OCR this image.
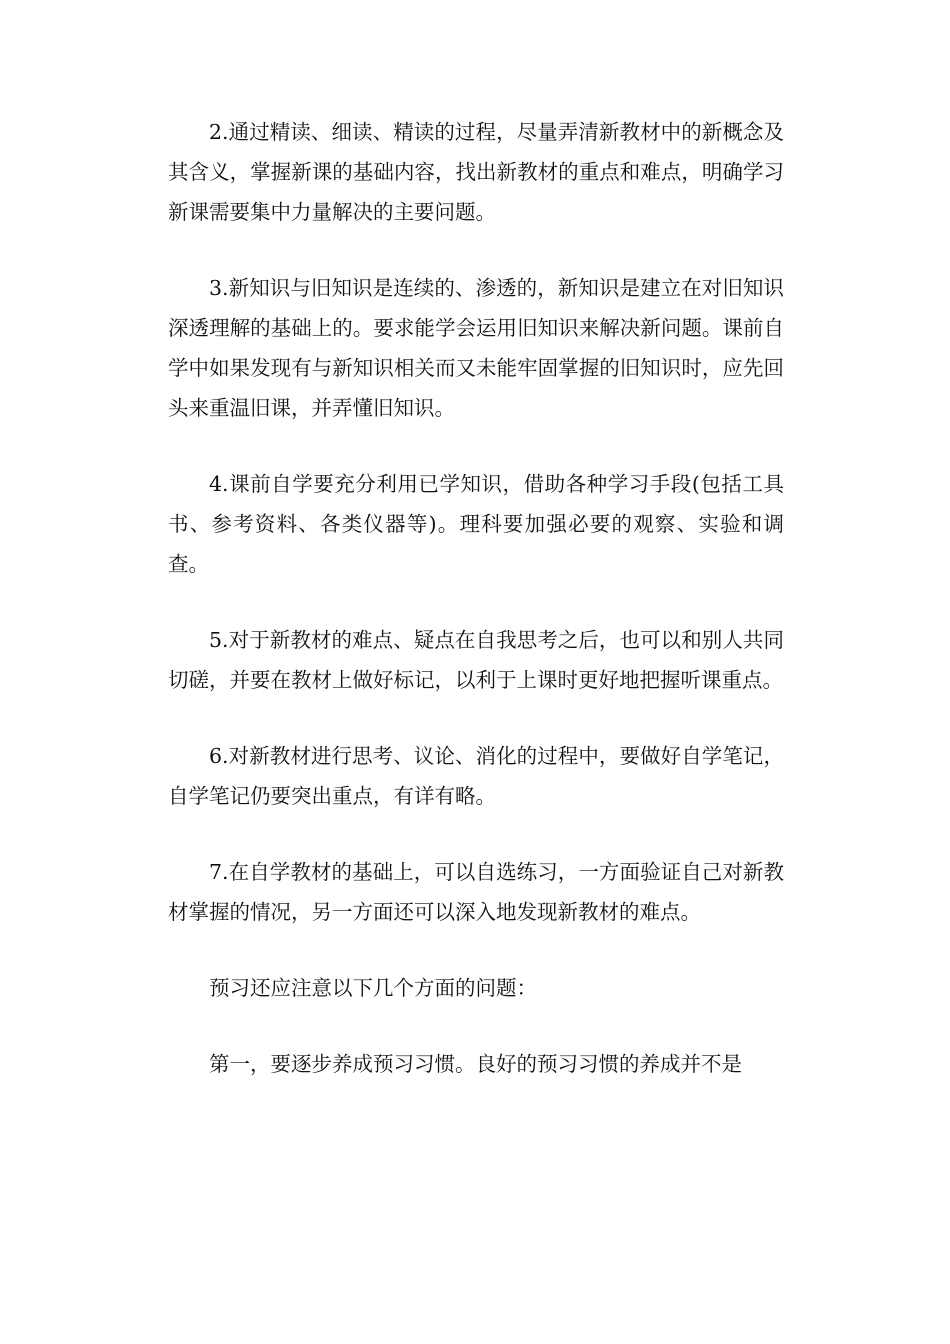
2.通过精读、细读、精读的过程，尽量弄清新教材中的新概念及其含义，掌握新课的基础内容，找出新教材的重点和难点，明确学习新课需要集中力量解决的主要问题。

3.新知识与旧知识是连续的、渗透的，新知识是建立在对旧知识深透理解的基础上的。要求能学会运用旧知识来解决新问题。课前自学中如果发现有与新知识相关而又未能牢固掌握的旧知识时，应先回头来重温旧课，并弄懂旧知识。

4.课前自学要充分利用已学知识，借助各种学习手段(包括工具书、参考资料、各类仪器等)。理科要加强必要的观察、实验和调查。

5.对于新教材的难点、疑点在自我思考之后，也可以和别人共同切磋，并要在教材上做好标记，以利于上课时更好地把握听课重点。

6.对新教材进行思考、议论、消化的过程中，要做好自学笔记，自学笔记仍要突出重点，有详有略。

7.在自学教材的基础上，可以自选练习，一方面验证自己对新教材掌握的情况，另一方面还可以深入地发现新教材的难点。

预习还应注意以下几个方面的问题：

第一，要逐步养成预习习惯。良好的预习习惯的养成并不是
